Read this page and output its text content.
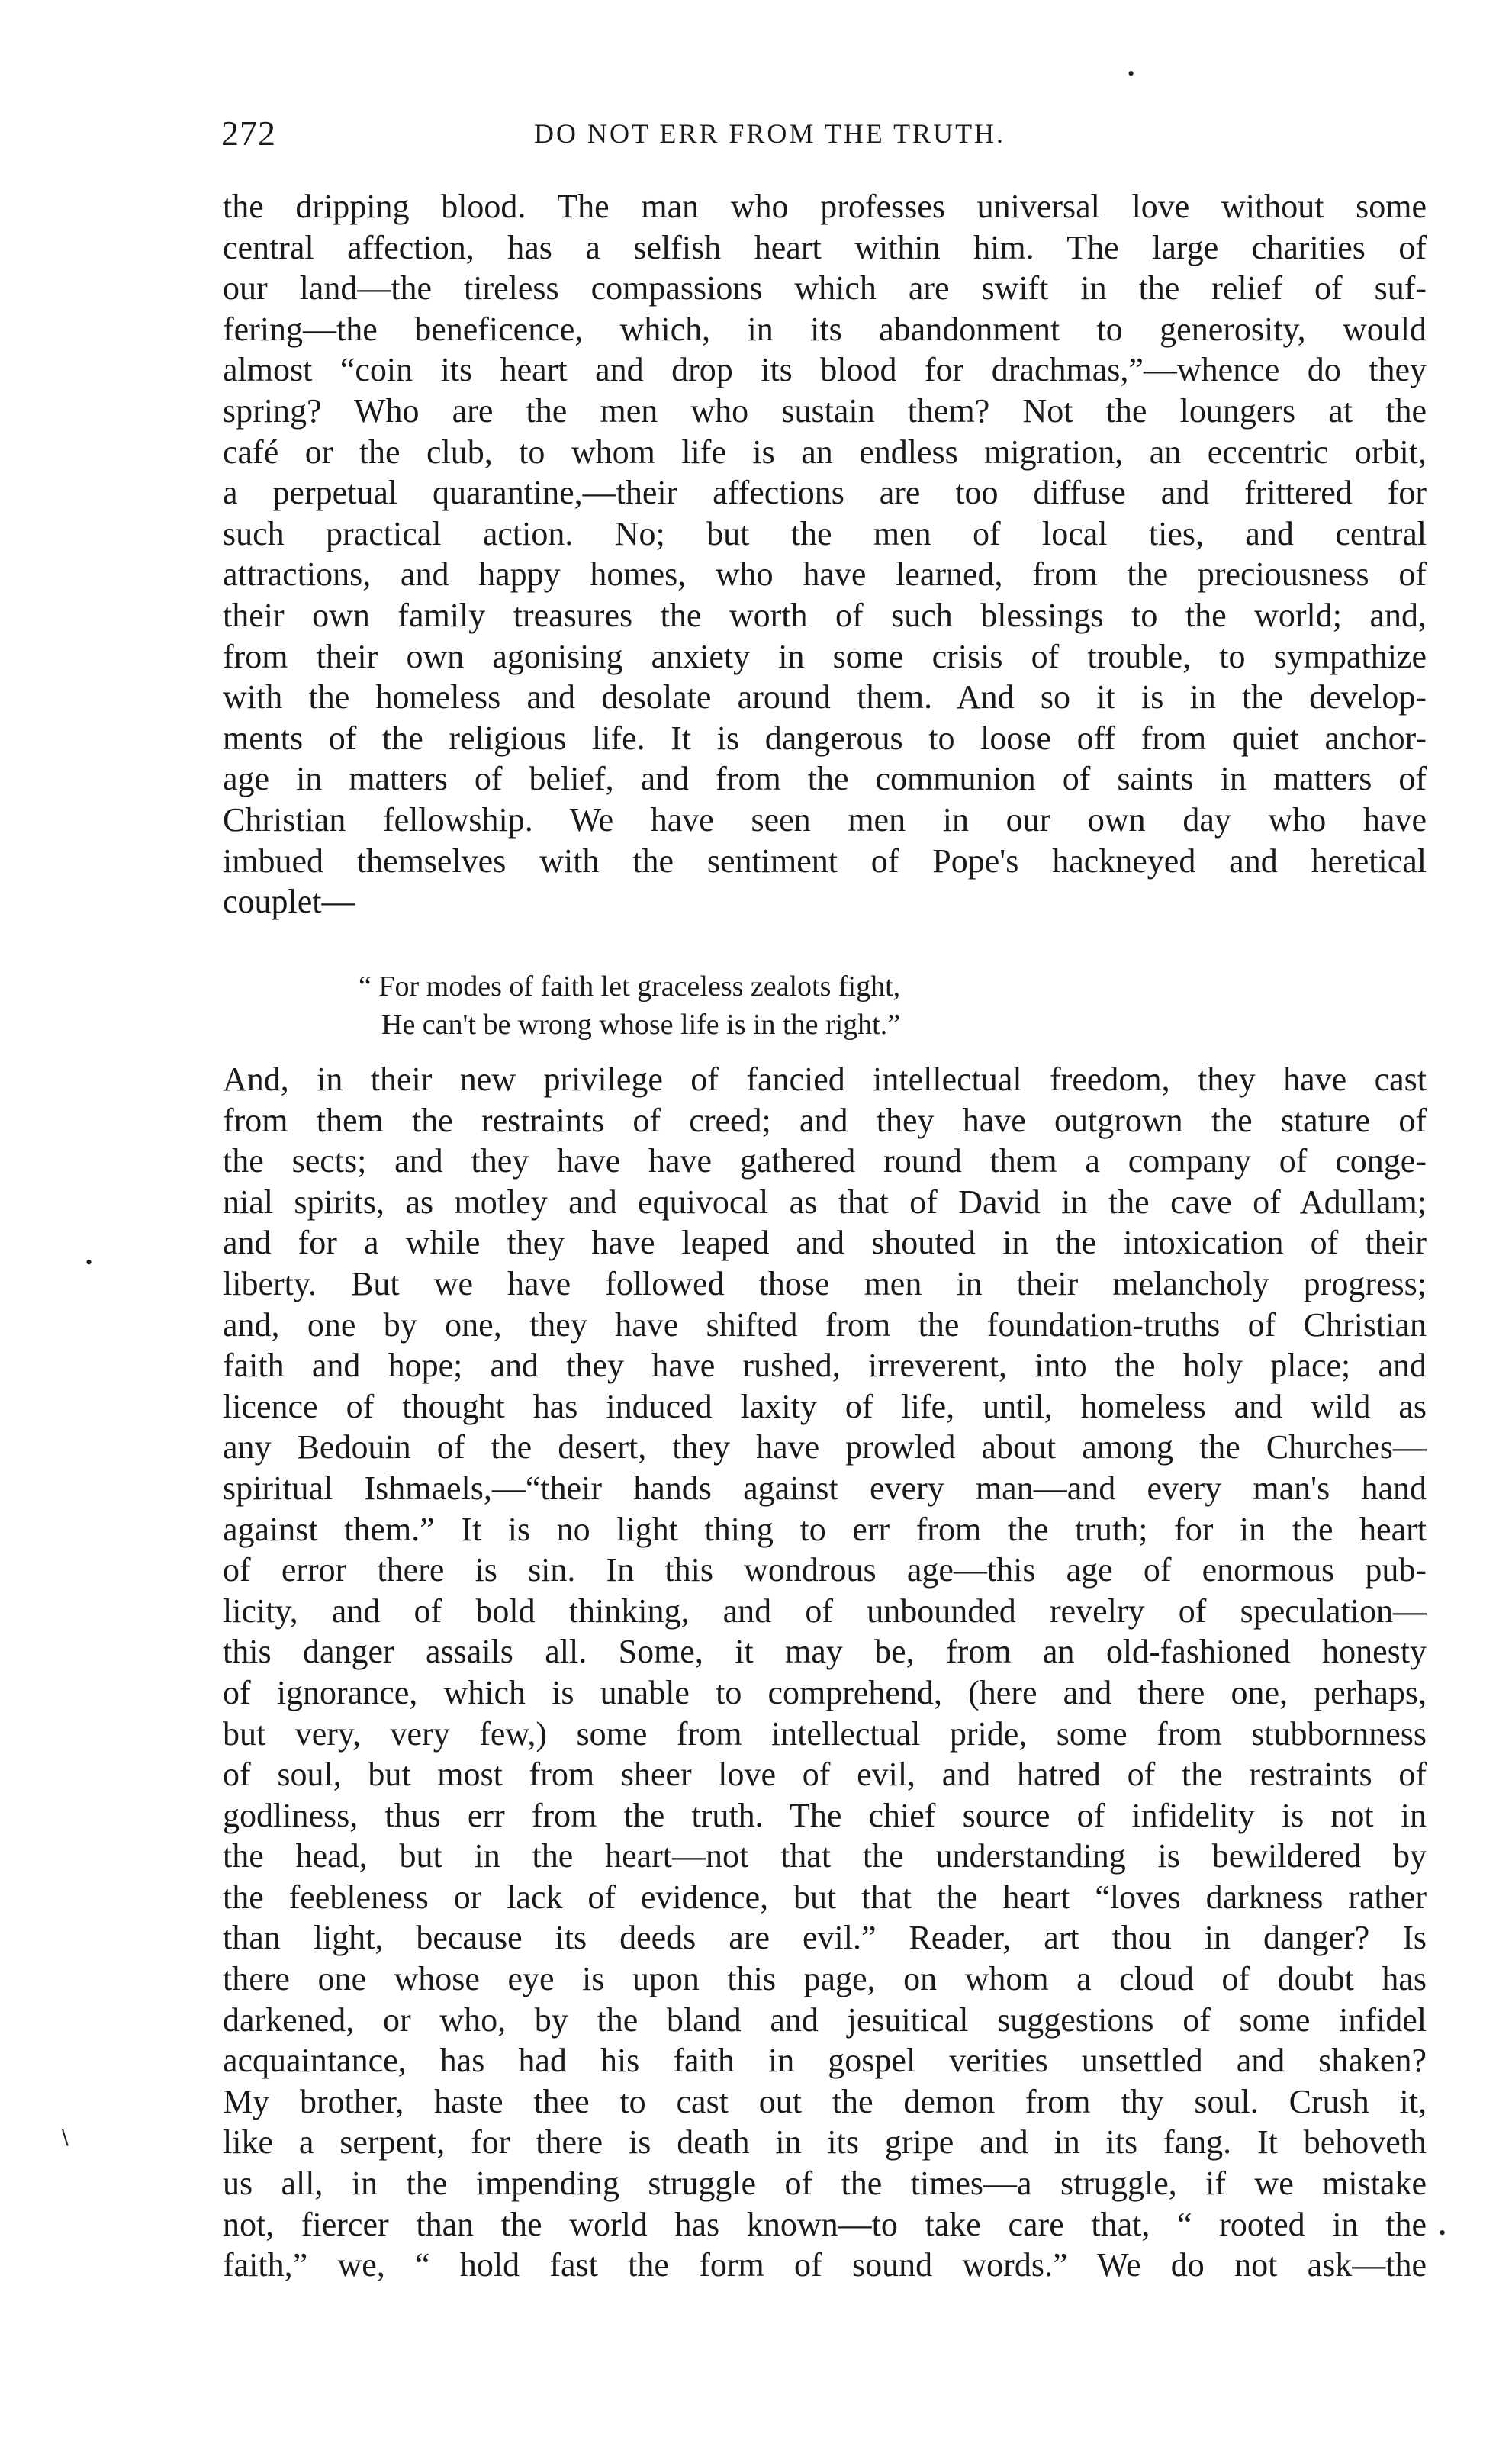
272	DO NOT ERR FROM THE TRUTH.
•
•
∖
•
the dripping blood. The man who professes universal love without some
central affection, has a selfish heart within him. The large charities of
our land—the tireless compassions which are swift in the relief of suf-
fering—the beneficence, which, in its abandonment to generosity, would
almost “coin its heart and drop its blood for drachmas,”—whence do they
spring? Who are the men who sustain them? Not the loungers at the
café or the club, to whom life is an endless migration, an eccentric orbit,
a perpetual quarantine,—their affections are too diffuse and frittered for
such practical action. No; but the men of local ties, and central
attractions, and happy homes, who have learned, from the preciousness of
their own family treasures the worth of such blessings to the world; and,
from their own agonising anxiety in some crisis of trouble, to sympathize
with the homeless and desolate around them. And so it is in the develop-
ments of the religious life. It is dangerous to loose off from quiet anchor-
age in matters of belief, and from the communion of saints in matters of
Christian fellowship. We have seen men in our own day who have
imbued themselves with the sentiment of Pope's hackneyed and heretical
couplet—
“ For modes of faith let graceless zealots fight,
He can't be wrong whose life is in the right.”
And, in their new privilege of fancied intellectual freedom, they have cast
from them the restraints of creed; and they have outgrown the stature of
the sects; and they have have gathered round them a company of conge-
nial spirits, as motley and equivocal as that of David in the cave of Adullam;
and for a while they have leaped and shouted in the intoxication of their
liberty. But we have followed those men in their melancholy progress;
and, one by one, they have shifted from the foundation-truths of Christian
faith and hope; and they have rushed, irreverent, into the holy place; and
licence of thought has induced laxity of life, until, homeless and wild as
any Bedouin of the desert, they have prowled about among the Churches—
spiritual Ishmaels,—“their hands against every man—and every man's hand
against them.” It is no light thing to err from the truth; for in the heart
of error there is sin. In this wondrous age—this age of enormous pub-
licity, and of bold thinking, and of unbounded revelry of speculation—
this danger assails all. Some, it may be, from an old-fashioned honesty
of ignorance, which is unable to comprehend, (here and there one, perhaps,
but very, very few,) some from intellectual pride, some from stubbornness
of soul, but most from sheer love of evil, and hatred of the restraints of
godliness, thus err from the truth. The chief source of infidelity is not in
the head, but in the heart—not that the understanding is bewildered by
the feebleness or lack of evidence, but that the heart “loves darkness rather
than light, because its deeds are evil.” Reader, art thou in danger? Is
there one whose eye is upon this page, on whom a cloud of doubt has
darkened, or who, by the bland and jesuitical suggestions of some infidel
acquaintance, has had his faith in gospel verities unsettled and shaken?
My brother, haste thee to cast out the demon from thy soul. Crush it,
like a serpent, for there is death in its gripe and in its fang. It behoveth
us all, in the impending struggle of the times—a struggle, if we mistake
not, fiercer than the world has known—to take care that, “ rooted in the
faith,” we, “ hold fast the form of sound words.” We do not ask—the
